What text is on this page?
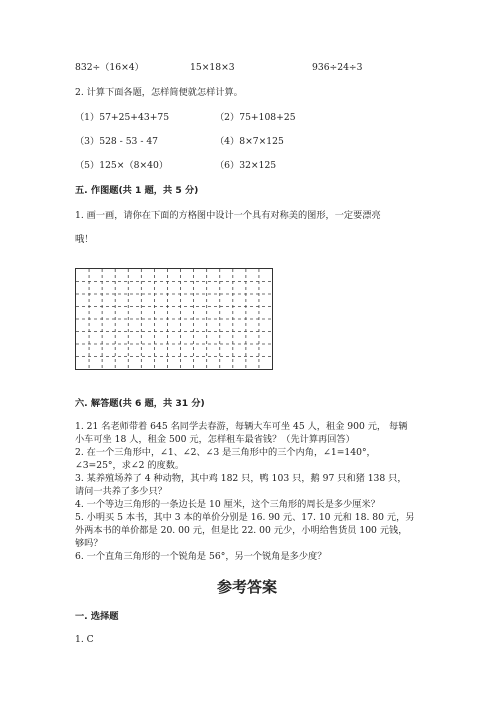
832÷（16×4）	15×18×3	936÷24÷3
2. 计算下面各题，怎样简便就怎样计算。
（1）57+25+43+75	（2）75+108+25
（3）528 - 53 - 47	（4）8×7×125
（5）125×（8×40）	（6）32×125
五. 作图题(共 1 题，共 5 分)
1. 画一画，请你在下面的方格图中设计一个具有对称美的图形，一定要漂亮
哦！
六. 解答题(共 6 题，共 31 分)
1. 21 名老师带着 645 名同学去春游，每辆大车可坐 45 人，租金 900 元， 每辆
小车可坐 18 人，租金 500 元，怎样租车最省钱？（先计算再回答）
2. 在一个三角形中，∠1、∠2、∠3 是三角形中的三个内角，∠1=140°，
∠3=25°，求∠2 的度数。
3. 某养殖场养了 4 种动物，其中鸡 182 只，鸭 103 只，鹅 97 只和猪 138 只，
请问一共养了多少只？
4. 一个等边三角形的一条边长是 10 厘米，这个三角形的周长是多少厘米？
5. 小明买 5 本书，其中 3 本的单价分别是 16. 90 元、17. 10 元和 18. 80 元，另
外两本书的单价都是 20. 00 元，但是比 22. 00 元少，小明给售货员 100 元钱，
够吗？
6. 一个直角三角形的一个锐角是 56°，另一个锐角是多少度？
参考答案
一. 选择题
1. C
